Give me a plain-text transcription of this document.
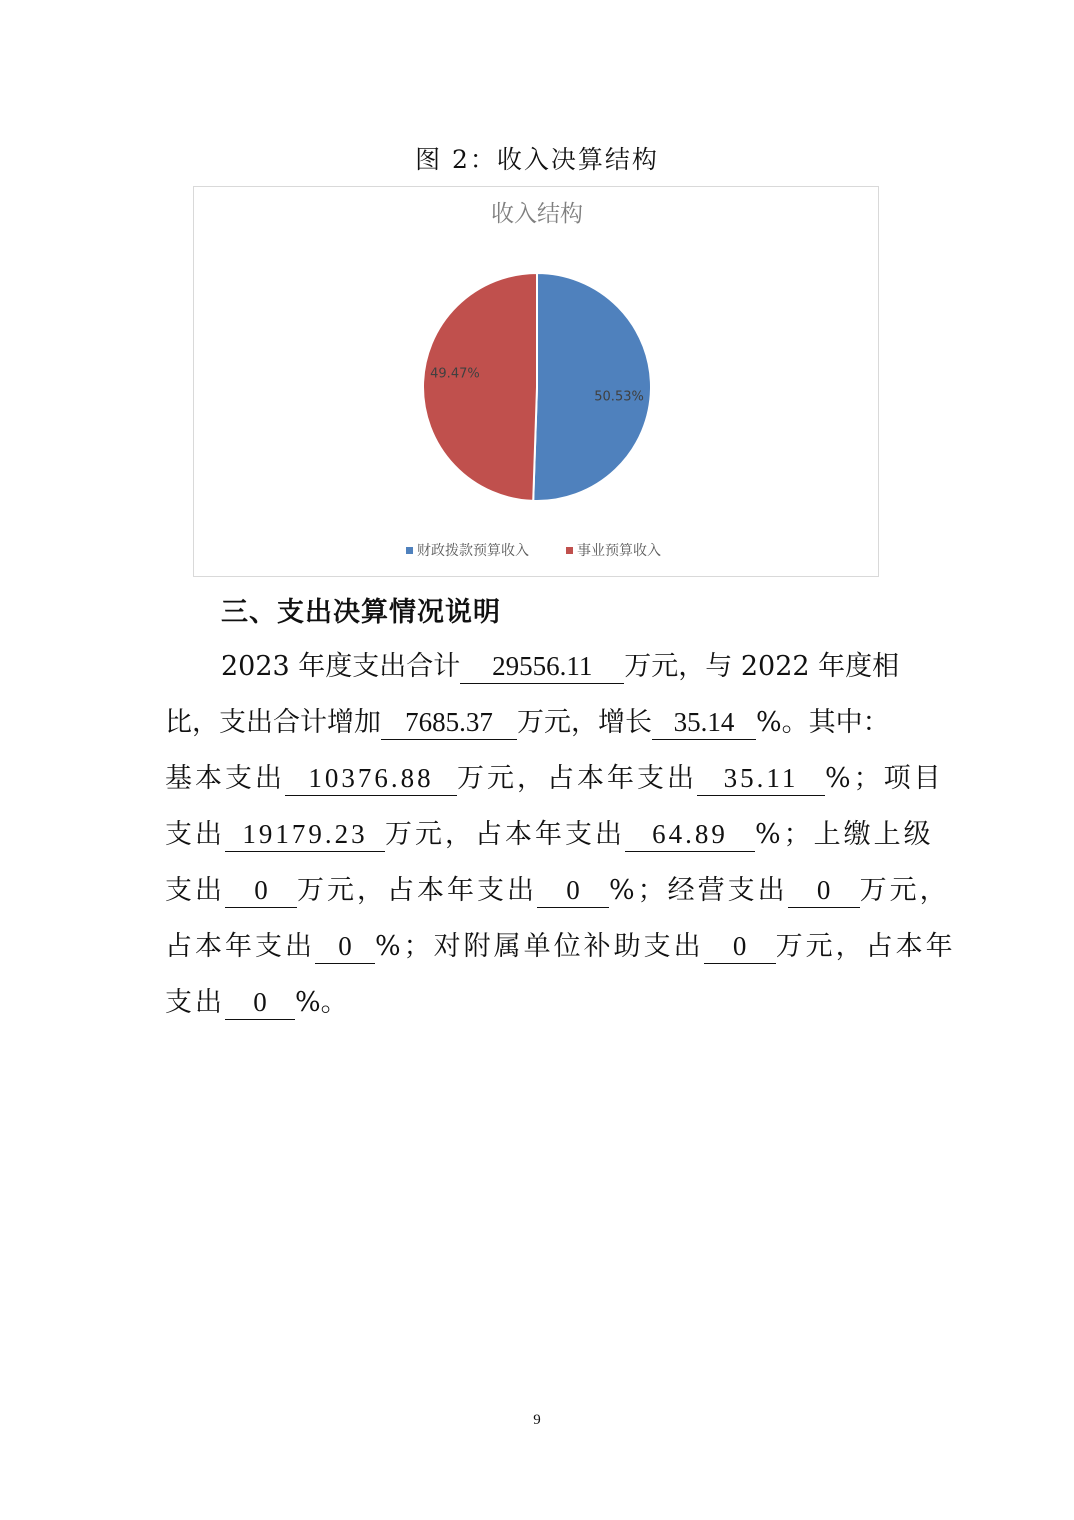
图 2：收入决算结构
收入结构
50.53%
49.47%
财政拨款预算收入	事业预算收入
三、支出决算情况说明
2023 年度支出合计 29556.11 万元，与 2022 年度相
比，支出合计增加 7685.37 万元，增长 35.14 %。其中：
基本支出 10376.88 万元，占本年支出 35.11 %；项目
支出 19179.23 万元，占本年支出 64.89 %；上缴上级
支出 0 万元，占本年支出 0 %；经营支出 0 万元，
占本年支出 0 %；对附属单位补助支出 0 万元，占本年
支出 0 %。
9
